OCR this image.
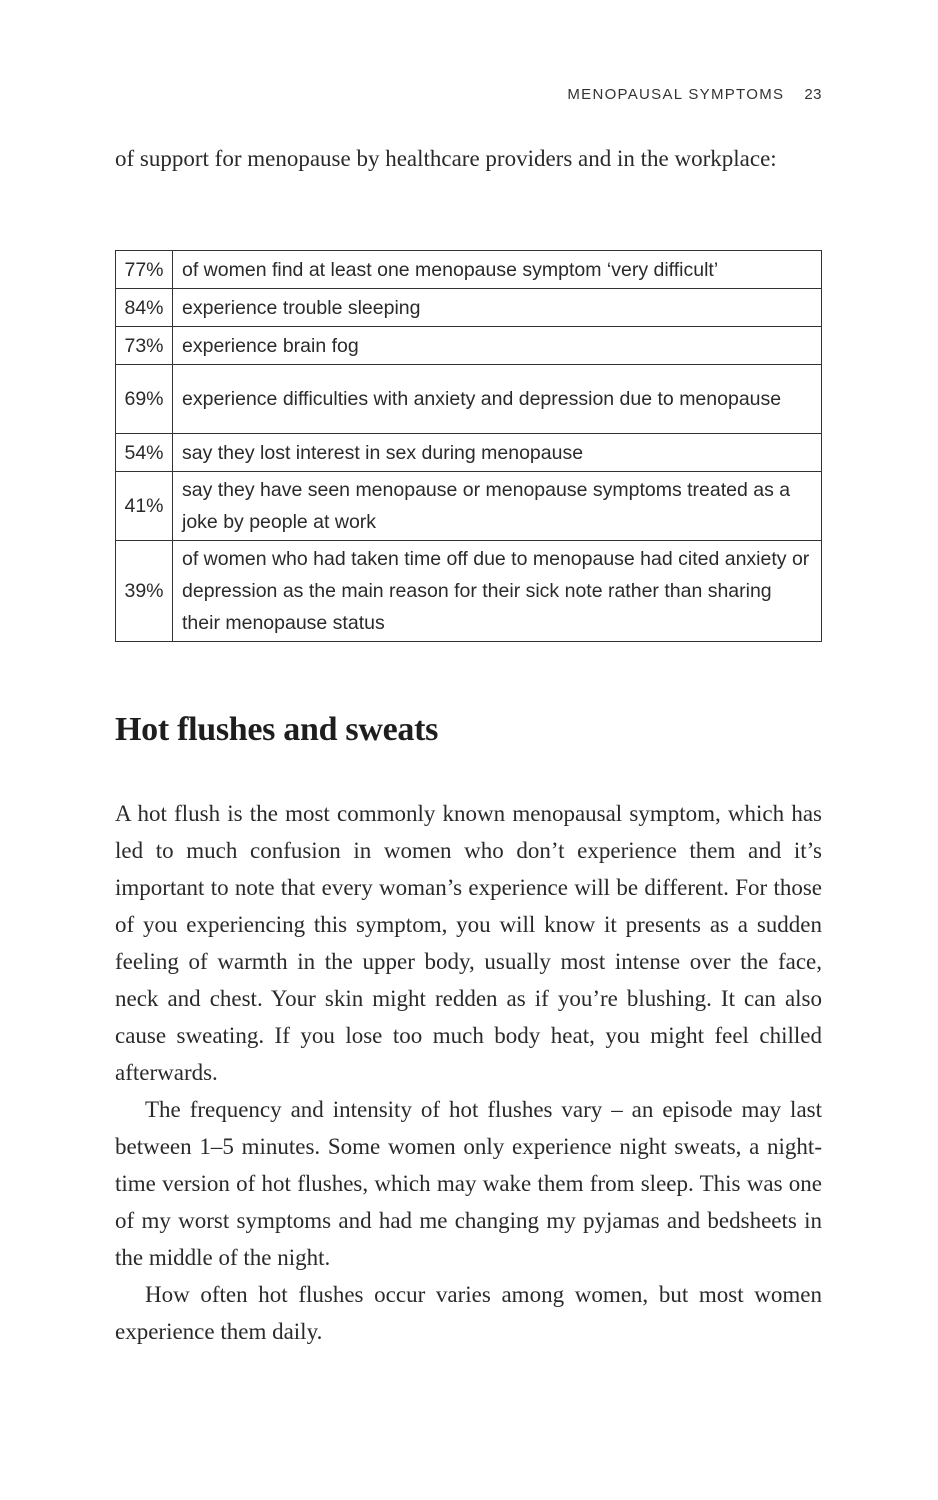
MENOPAUSAL SYMPTOMS 23

of support for menopause by healthcare providers and in the workplace:

77%	of women find at least one menopause symptom ‘very difficult’
84%	experience trouble sleeping
73%	experience brain fog
69%	experience difficulties with anxiety and depression due to menopause
54%	say they lost interest in sex during menopause
41%	say they have seen menopause or menopause symptoms treated as a joke by people at work
39%	of women who had taken time off due to menopause had cited anxiety or depression as the main reason for their sick note rather than sharing their menopause status
Hot flushes and sweats

A hot flush is the most commonly known menopausal symptom, which has led to much confusion in women who don’t experience them and it’s important to note that every woman’s experience will be different. For those of you experiencing this symptom, you will know it presents as a sudden feeling of warmth in the upper body, usually most intense over the face, neck and chest. Your skin might redden as if you’re blushing. It can also cause sweating. If you lose too much body heat, you might feel chilled afterwards.

The frequency and intensity of hot flushes vary – an episode may last between 1–5 minutes. Some women only experience night sweats, a night-time version of hot flushes, which may wake them from sleep. This was one of my worst symptoms and had me changing my pyjamas and bedsheets in the middle of the night.

How often hot flushes occur varies among women, but most women experience them daily.
